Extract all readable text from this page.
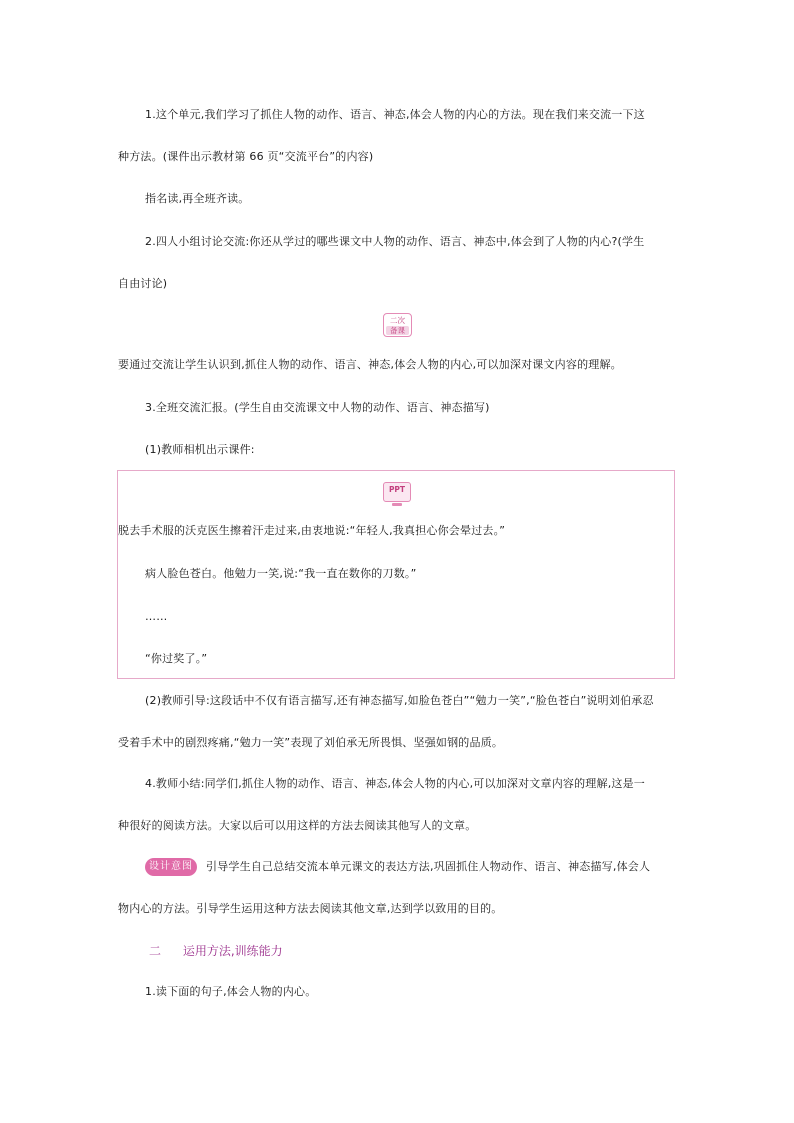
1.这个单元,我们学习了抓住人物的动作、语言、神态,体会人物的内心的方法。现在我们来交流一下这
种方法。(课件出示教材第 66 页“交流平台”的内容)
指名读,再全班齐读。
2.四人小组讨论交流:你还从学过的哪些课文中人物的动作、语言、神态中,体会到了人物的内心?(学生
自由讨论)
二次
备课
要通过交流让学生认识到,抓住人物的动作、语言、神态,体会人物的内心,可以加深对课文内容的理解。
3.全班交流汇报。(学生自由交流课文中人物的动作、语言、神态描写)
(1)教师相机出示课件:
PPT
脱去手术服的沃克医生擦着汗走过来,由衷地说:“年轻人,我真担心你会晕过去。”
病人脸色苍白。他勉力一笑,说:“我一直在数你的刀数。”
……
“你过奖了。”
(2)教师引导:这段话中不仅有语言描写,还有神态描写,如脸色苍白”“勉力一笑”,“脸色苍白”说明刘伯承忍
受着手术中的剧烈疼痛,“勉力一笑”表现了刘伯承无所畏惧、坚强如钢的品质。
4.教师小结:同学们,抓住人物的动作、语言、神态,体会人物的内心,可以加深对文章内容的理解,这是一
种很好的阅读方法。大家以后可以用这样的方法去阅读其他写人的文章。
设计意图	引导学生自己总结交流本单元课文的表达方法,巩固抓住人物动作、语言、神态描写,体会人
物内心的方法。引导学生运用这种方法去阅读其他文章,达到学以致用的目的。
二 运用方法,训练能力
1.读下面的句子,体会人物的内心。
